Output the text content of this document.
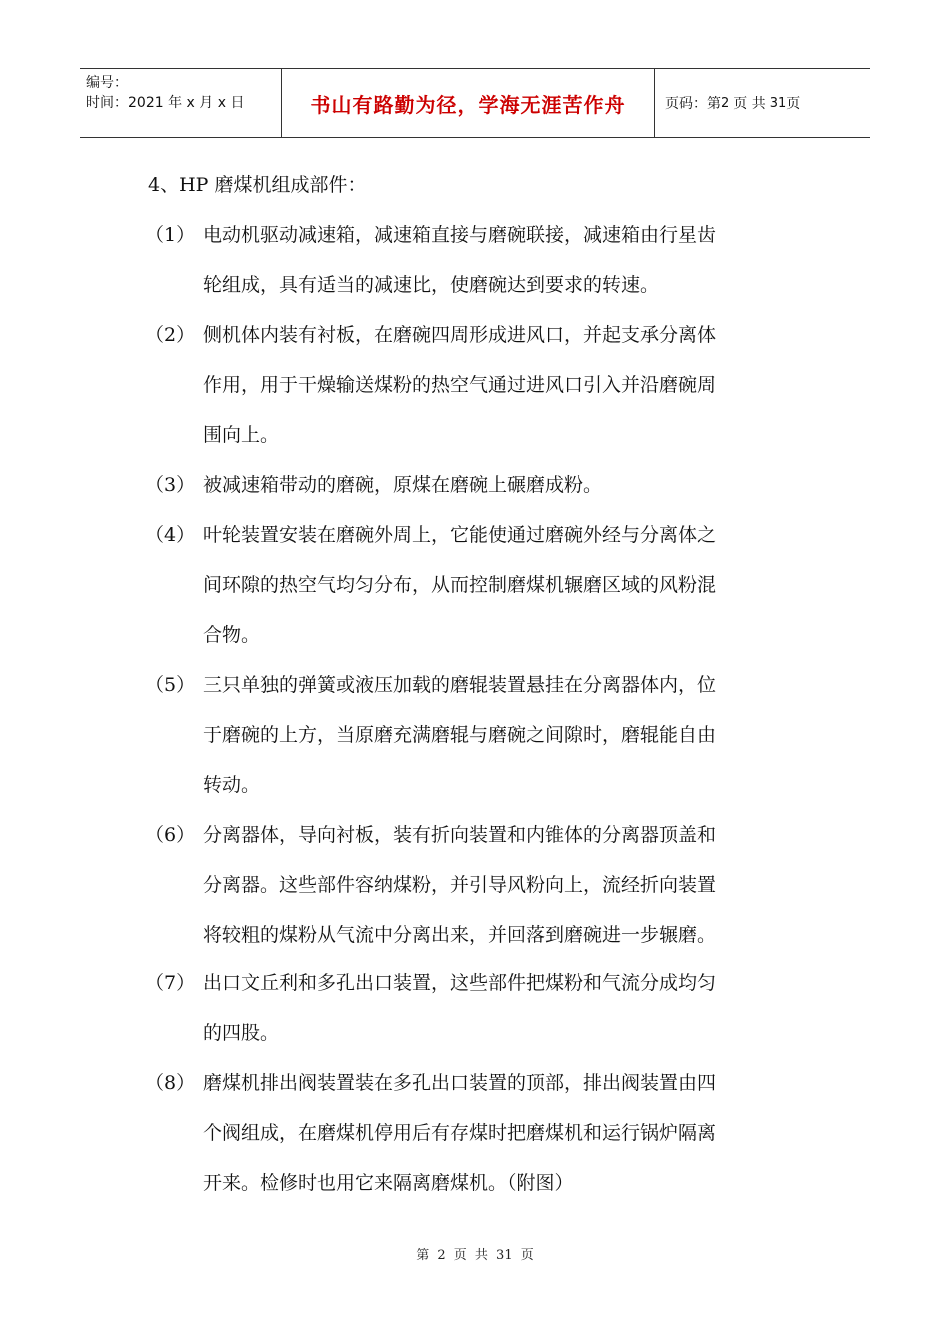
编号：
时间：2021 年 x 月 x 日	书山有路勤为径，学海无涯苦作舟	页码：第 2 页 共 31 页
4、HP 磨煤机组成部件：
（1） 电动机驱动减速箱，减速箱直接与磨碗联接，减速箱由行星齿
轮组成，具有适当的减速比，使磨碗达到要求的转速。
（2） 侧机体内装有衬板，在磨碗四周形成进风口，并起支承分离体
作用，用于干燥输送煤粉的热空气通过进风口引入并沿磨碗周
围向上。
（3） 被减速箱带动的磨碗，原煤在磨碗上碾磨成粉。
（4） 叶轮装置安装在磨碗外周上，它能使通过磨碗外经与分离体之
间环隙的热空气均匀分布，从而控制磨煤机辗磨区域的风粉混
合物。
（5） 三只单独的弹簧或液压加载的磨辊装置悬挂在分离器体内，位
于磨碗的上方，当原磨充满磨辊与磨碗之间隙时，磨辊能自由
转动。
（6） 分离器体，导向衬板，装有折向装置和内锥体的分离器顶盖和
分离器。这些部件容纳煤粉，并引导风粉向上，流经折向装置
将较粗的煤粉从气流中分离出来，并回落到磨碗进一步辗磨。
（7） 出口文丘利和多孔出口装置，这些部件把煤粉和气流分成均匀
的四股。
（8） 磨煤机排出阀装置装在多孔出口装置的顶部，排出阀装置由四
个阀组成，在磨煤机停用后有存煤时把磨煤机和运行锅炉隔离
开来。检修时也用它来隔离磨煤机。（附图）
第 2 页 共 31 页
